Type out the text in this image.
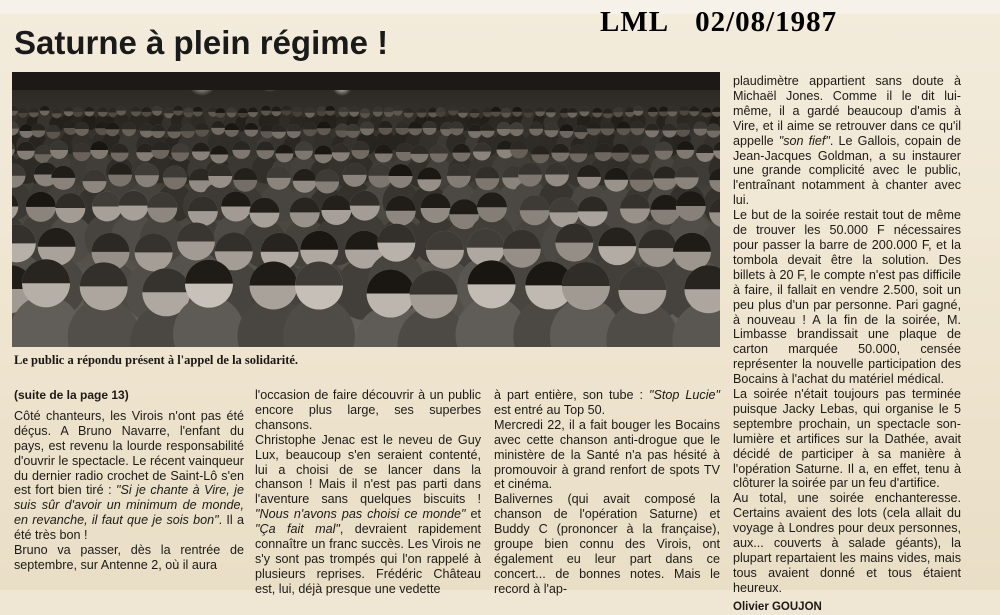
LML 02/08/1987
Saturne à plein régime !
Le public a répondu présent à l'appel de la solidarité.
(suite de la page 13)

Côté chanteurs, les Virois n'ont pas été déçus. A Bruno Navarre, l'enfant du pays, est revenu la lourde responsabilité d'ouvrir le spectacle. Le récent vainqueur du dernier radio crochet de Saint-Lô s'en est fort bien tiré : "Si je chante à Vire, je suis sûr d'avoir un minimum de monde, en revanche, il faut que je sois bon". Il a été très bon !

Bruno va passer, dès la rentrée de septembre, sur Antenne 2, où il aura

l'occasion de faire découvrir à un public encore plus large, ses superbes chansons.

Christophe Jenac est le neveu de Guy Lux, beaucoup s'en seraient contenté, lui a choisi de se lancer dans la chanson ! Mais il n'est pas parti dans l'aventure sans quelques biscuits ! "Nous n'avons pas choisi ce monde" et "Ça fait mal", devraient rapidement connaître un franc succès. Les Virois ne s'y sont pas trompés qui l'on rappelé à plusieurs reprises. Frédéric Château est, lui, déjà presque une vedette

à part entière, son tube : "Stop Lucie" est entré au Top 50.

Mercredi 22, il a fait bouger les Bocains avec cette chanson anti-drogue que le ministère de la Santé n'a pas hésité à promouvoir à grand renfort de spots TV et cinéma.

Balivernes (qui avait composé la chanson de l'opération Saturne) et Buddy C (prononcer à la française), groupe bien connu des Virois, ont également eu leur part dans ce concert... de bonnes notes. Mais le record à l'ap-

plaudimètre appartient sans doute à Michaël Jones. Comme il le dit lui-même, il a gardé beaucoup d'amis à Vire, et il aime se retrouver dans ce qu'il appelle "son fief". Le Gallois, copain de Jean-Jacques Goldman, a su instaurer une grande complicité avec le public, l'entraînant notamment à chanter avec lui.

Le but de la soirée restait tout de même de trouver les 50.000 F nécessaires pour passer la barre de 200.000 F, et la tombola devait être la solution. Des billets à 20 F, le compte n'est pas difficile à faire, il fallait en vendre 2.500, soit un peu plus d'un par personne. Pari gagné, à nouveau ! A la fin de la soirée, M. Limbasse brandissait une plaque de carton marquée 50.000, censée représenter la nouvelle participation des Bocains à l'achat du matériel médical.

La soirée n'était toujours pas terminée puisque Jacky Lebas, qui organise le 5 septembre prochain, un spectacle son-lumière et artifices sur la Dathée, avait décidé de participer à sa manière à l'opération Saturne. Il a, en effet, tenu à clôturer la soirée par un feu d'artifice.

Au total, une soirée enchanteresse. Certains avaient des lots (cela allait du voyage à Londres pour deux personnes, aux... couverts à salade géants), la plupart repartaient les mains vides, mais tous avaient donné et tous étaient heureux.

Olivier GOUJON
